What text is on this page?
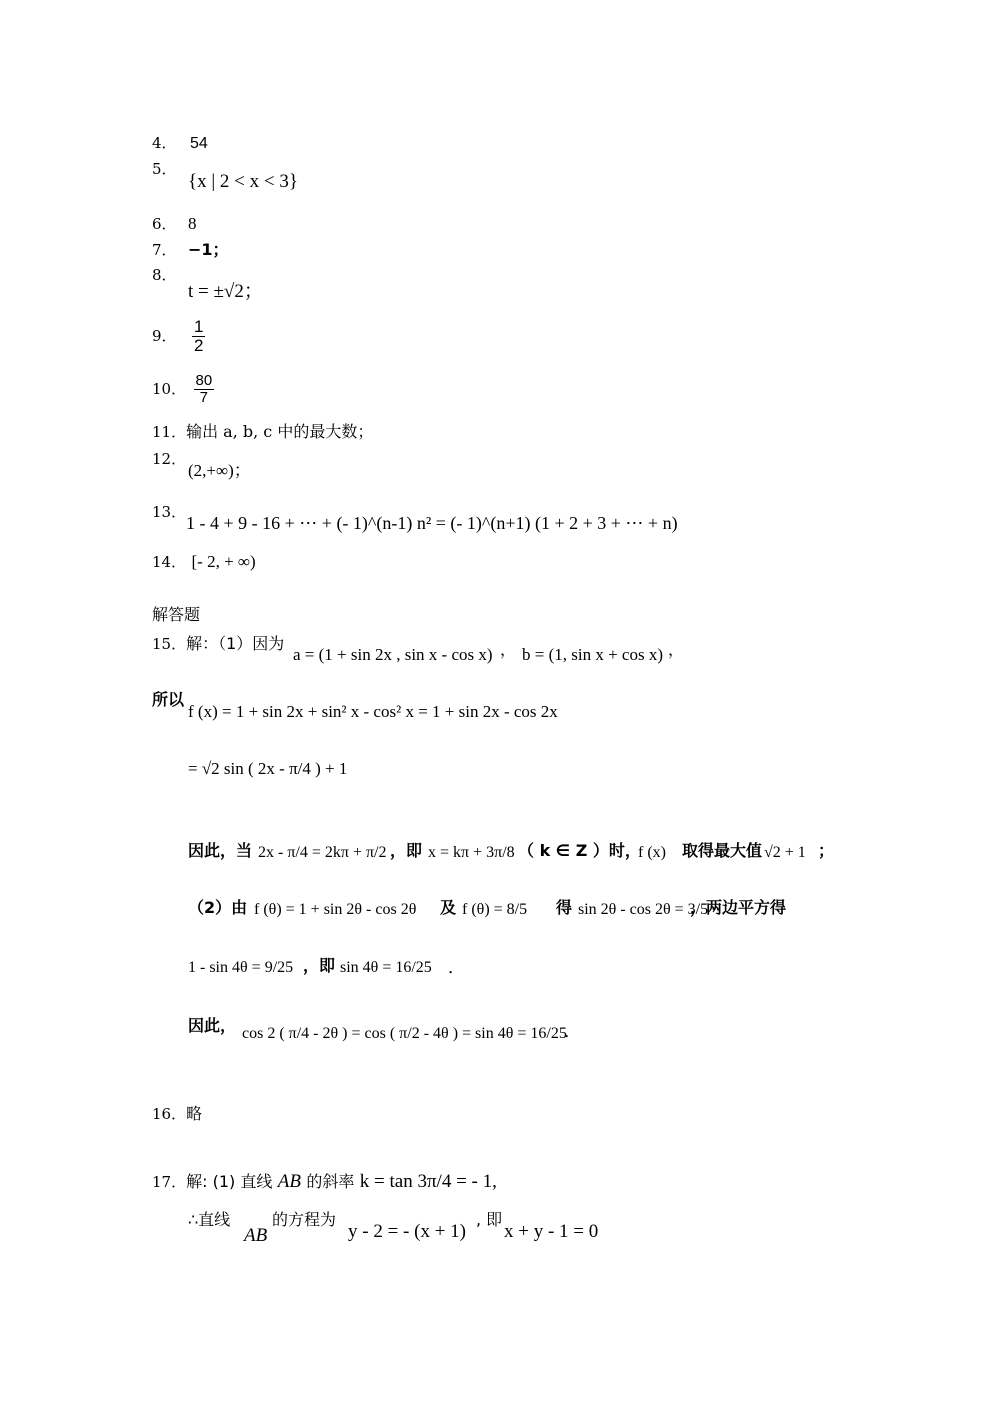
4． 54
5．
{x | 2 < x < 3}
6． 8
7． −1；
8．
t = ±√2；
9． $\frac{1}{2}$
10． $\frac{80}{7}$
11．输出 a, b, c 中的最大数；
12．
(2,+∞)；
13．
1 - 4 + 9 - 16 + ⋯ + (- 1)^(n-1) n² = (- 1)^(n+1) (1 + 2 + 3 + ⋯ + n)
14． [- 2, + ∞)
解答题
15．解：（1）因为
a = (1 + sin 2x , sin x - cos x) ， b = (1, sin x + cos x) ，
所以
f (x) = 1 + sin 2x + sin² x - cos² x = 1 + sin 2x - cos 2x
= √2 sin ( 2x - π/4 ) + 1
因此，当 2x - π/4 = 2kπ + π/2 ，即 x = kπ + 3π/8 （ k ∈ Z ）时，
f (x) 取得最大值 √2 + 1 ；
（2）由 f (θ) = 1 + sin 2θ - cos 2θ 及 f (θ) = 8/5 得 sin 2θ - cos 2θ = 3/5
，两边平方得
1 - sin 4θ = 9/25 ，即 sin 4θ = 16/25 ．
因此， cos 2 ( π/4 - 2θ ) = cos ( π/2 - 4θ ) = sin 4θ = 16/25
．
16．略
17．解: (1) 直线 AB 的斜率 k = tan 3π/4 = - 1,
∴直线
AB
的方程为
y - 2 = - (x + 1)
, 即
x + y - 1 = 0
